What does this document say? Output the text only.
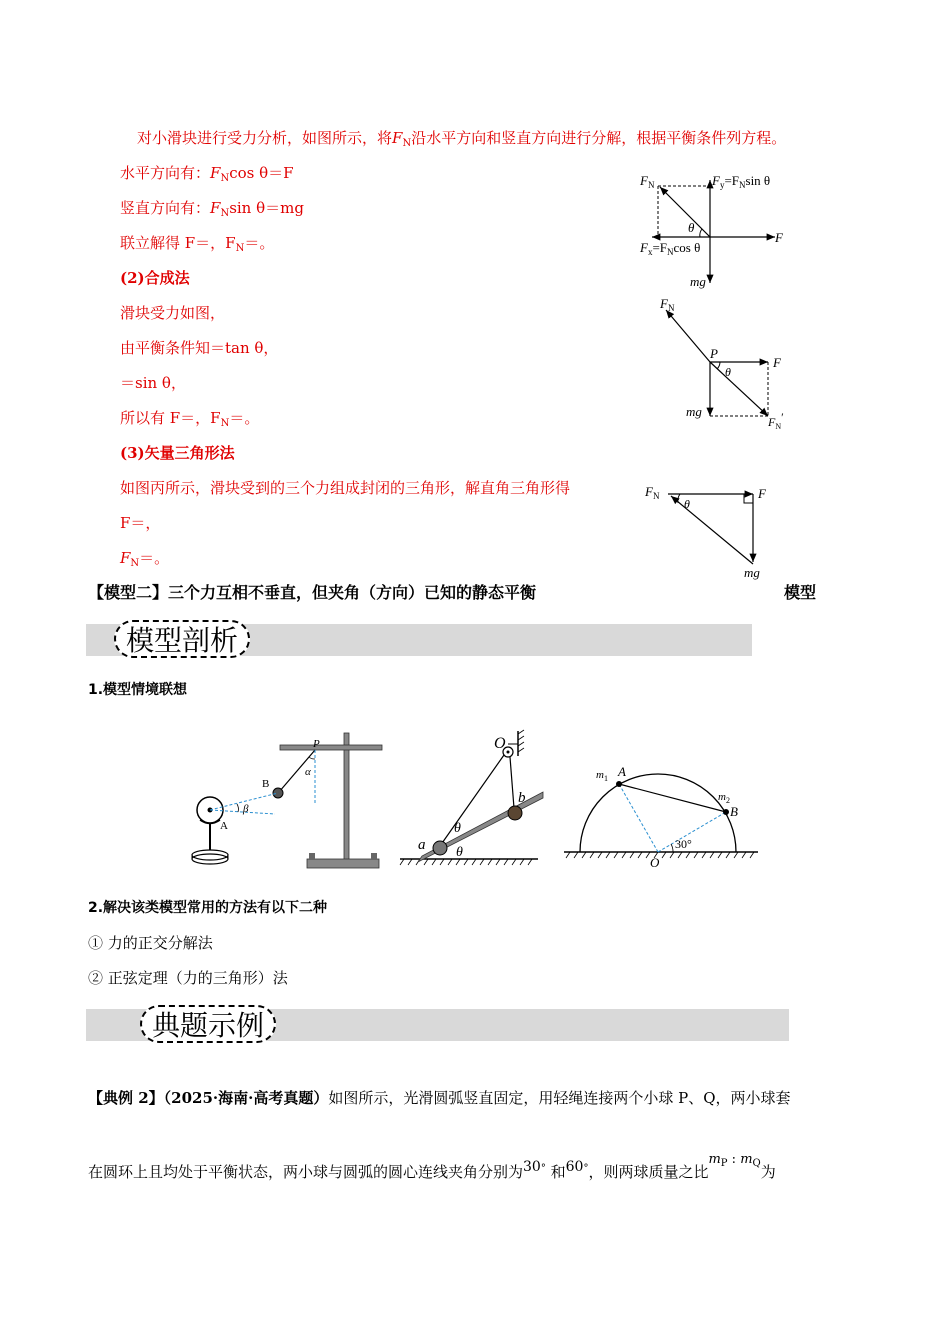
对小滑块进行受力分析，如图所示，将$F_N$沿水平方向和竖直方向进行分解，根据平衡条件列方程。
水平方向有：$F_N\cos$ θ＝F
竖直方向有：$F_N\sin$ θ＝mg
联立解得 F＝，$F_N=$。
(2)合成法
滑块受力如图，
由平衡条件知＝tan θ，
＝sin θ，
所以有 F＝，$F_N=$。
(3)矢量三角形法
如图丙所示，滑块受到的三个力组成封闭的三角形，解直角三角形得
F＝，
$F_N=$。
$F_N$	$F_y=F_N\sin$ θ
θ
$F_x=F_N\cos$ θ
F
mg
$F_N$
P
F
θ
mg
$F_N'$
$F_N$
θ
F
mg
【模型二】三个力互相不垂直，但夹角（方向）已知的静态平衡	模型
模型剖析
1.模型情境联想
P
α
B
β
A
O
b
a
θ
θ
$m_1$ A
$m_2$
B
30°
O
2.解决该类模型常用的方法有以下二种
① 力的正交分解法
② 正弦定理（力的三角形）法
典题示例
【典例 2】（2025·海南·高考真题）如图所示，光滑圆弧竖直固定，用轻绳连接两个小球 P、Q，两小球套
在圆环上且均处于平衡状态，两小球与圆弧的圆心连线夹角分别为30° 和60°，则两球质量之比$m_P$ : $m_Q$为
